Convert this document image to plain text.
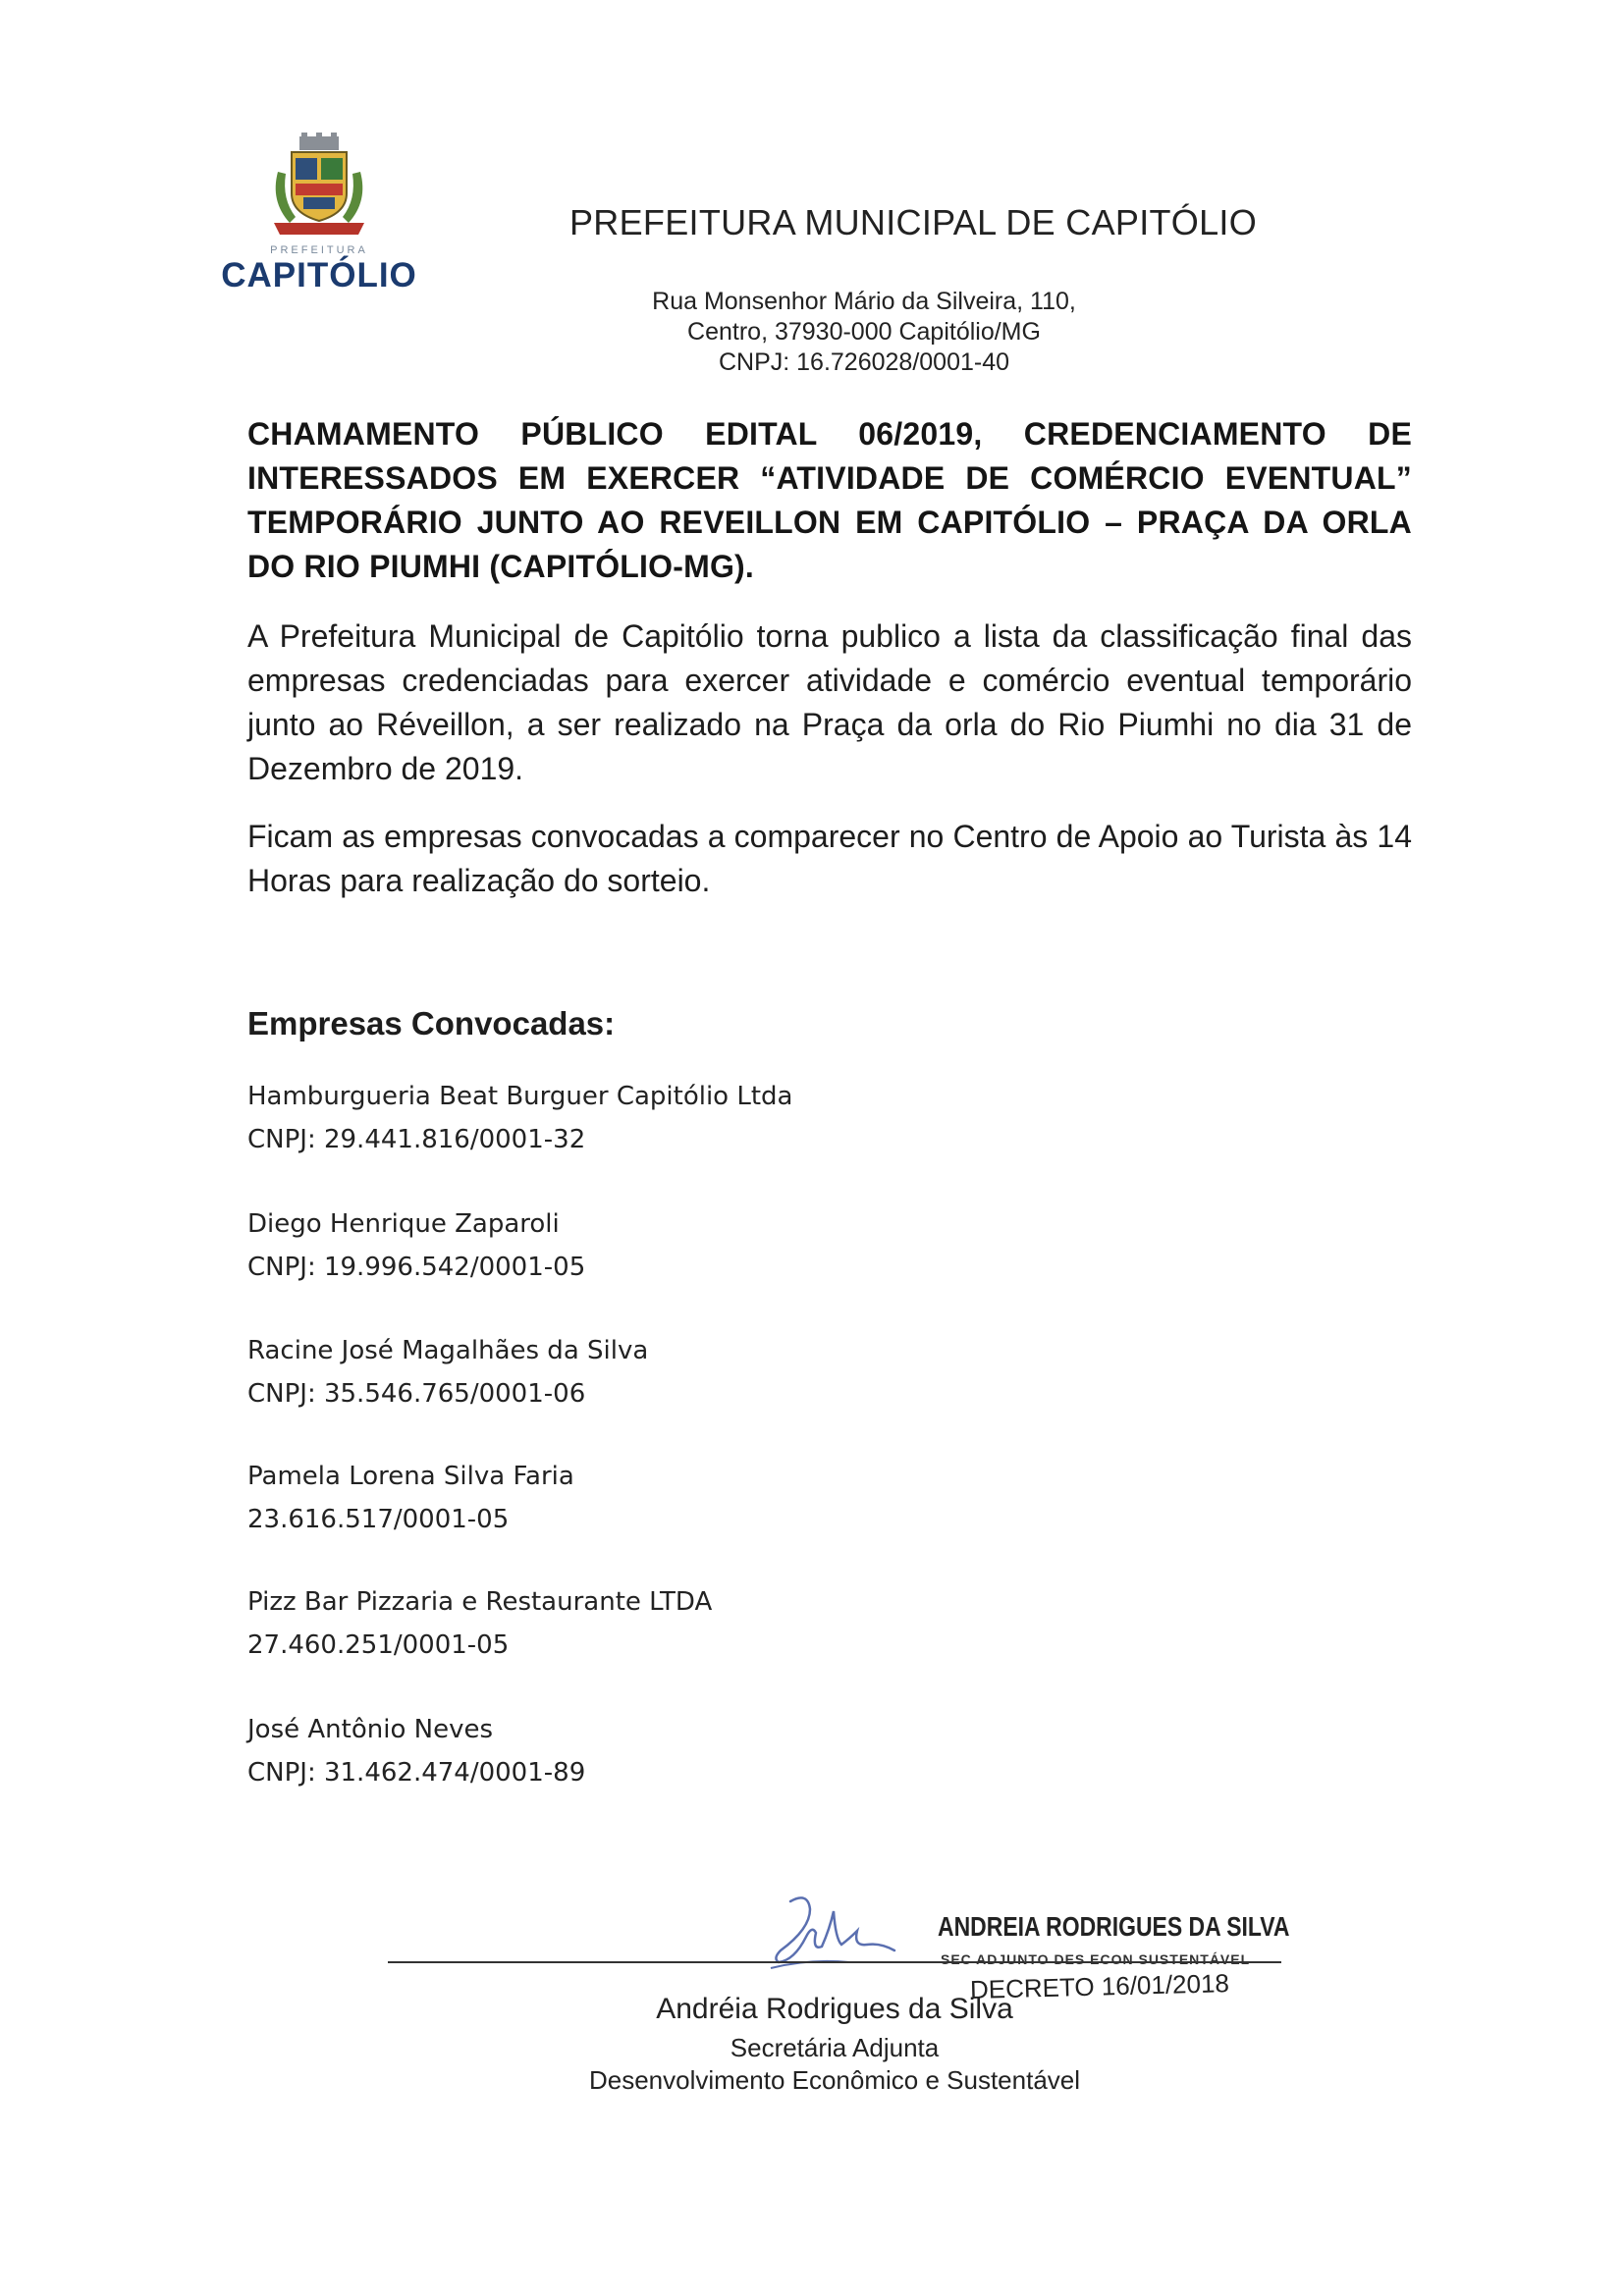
PREFEITURA
CAPITÓLIO
PREFEITURA MUNICIPAL DE CAPITÓLIO
Rua Monsenhor Mário da Silveira, 110,
Centro, 37930-000 Capitólio/MG
CNPJ: 16.726028/0001-40
CHAMAMENTO PÚBLICO EDITAL 06/2019, CREDENCIAMENTO DE INTERESSADOS EM EXERCER “ATIVIDADE DE COMÉRCIO EVENTUAL” TEMPORÁRIO JUNTO AO REVEILLON EM CAPITÓLIO – PRAÇA DA ORLA DO RIO PIUMHI (CAPITÓLIO-MG).

A Prefeitura Municipal de Capitólio torna publico a lista da classificação final das empresas credenciadas para exercer atividade e comércio eventual temporário junto ao Réveillon, a ser realizado na Praça da orla do Rio Piumhi no dia 31 de Dezembro de 2019.

Ficam as empresas convocadas a comparecer no Centro de Apoio ao Turista às 14 Horas para realização do sorteio.

Empresas Convocadas:
Hamburgueria Beat Burguer Capitólio Ltda
CNPJ: 29.441.816/0001-32
Diego Henrique Zaparoli
CNPJ: 19.996.542/0001-05
Racine José Magalhães da Silva
CNPJ: 35.546.765/0001-06
Pamela Lorena Silva Faria
23.616.517/0001-05
Pizz Bar Pizzaria e Restaurante LTDA
27.460.251/0001-05
José Antônio Neves
CNPJ: 31.462.474/0001-89
ANDREIA RODRIGUES DA SILVA
SEC ADJUNTO DES ECON SUSTENTÁVEL
DECRETO 16/01/2018
Andréia Rodrigues da Silva
Secretária Adjunta
Desenvolvimento Econômico e Sustentável
